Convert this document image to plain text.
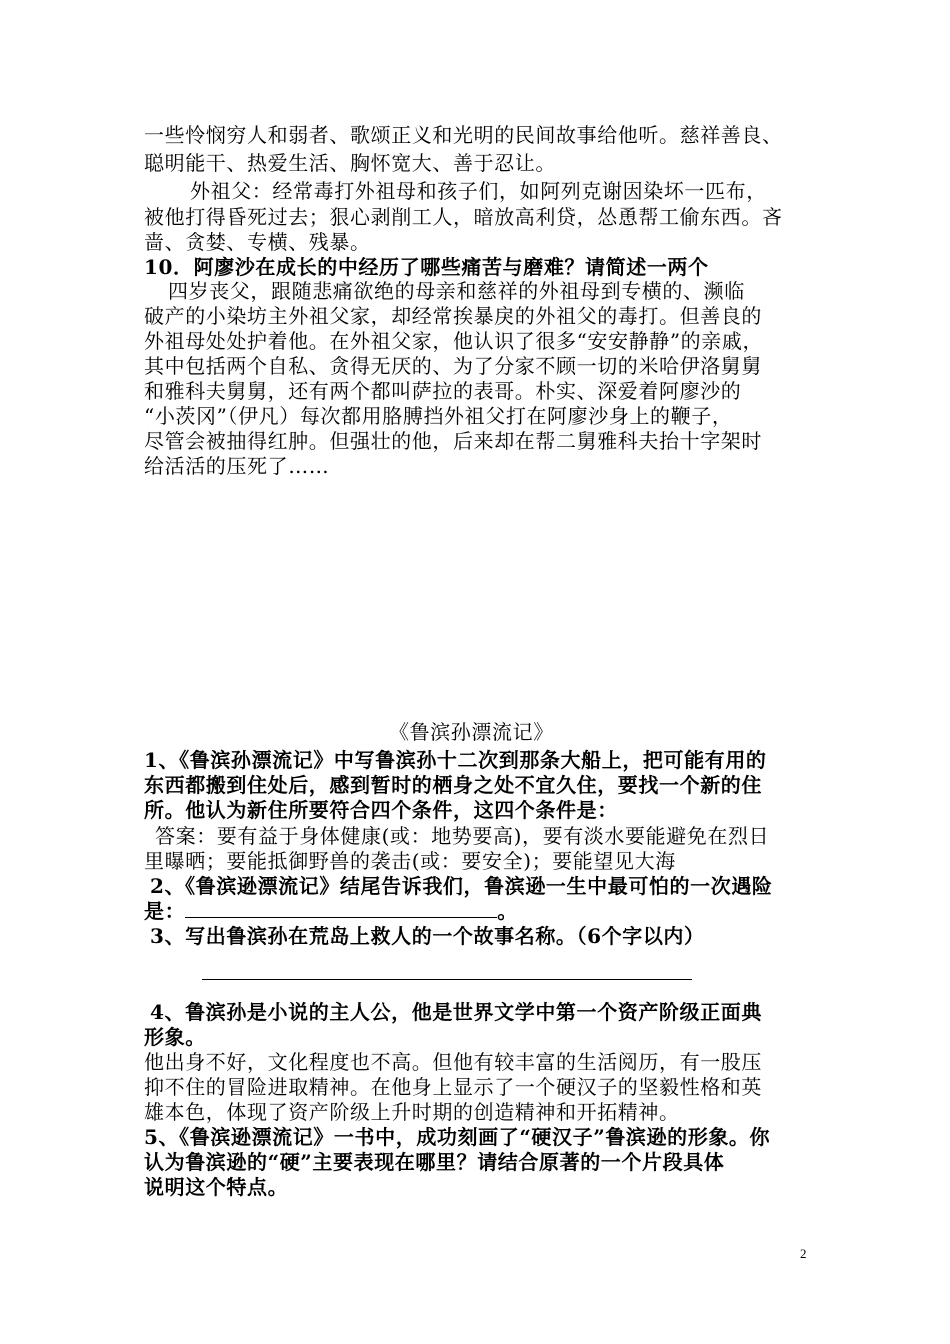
一些怜悯穷人和弱者、歌颂正义和光明的民间故事给他听。慈祥善良、
聪明能干、热爱生活、胸怀宽大、善于忍让。
外祖父：经常毒打外祖母和孩子们，如阿列克谢因染坏一匹布，
被他打得昏死过去；狠心剥削工人，暗放高利贷，怂恿帮工偷东西。吝
啬、贪婪、专横、残暴。
10．阿廖沙在成长的中经历了哪些痛苦与磨难？请简述一两个
四岁丧父，跟随悲痛欲绝的母亲和慈祥的外祖母到专横的、濒临
破产的小染坊主外祖父家，却经常挨暴戾的外祖父的毒打。但善良的
外祖母处处护着他。在外祖父家，他认识了很多“安安静静”的亲戚，
其中包括两个自私、贪得无厌的、为了分家不顾一切的米哈伊洛舅舅
和雅科夫舅舅，还有两个都叫萨拉的表哥。朴实、深爱着阿廖沙的
“小茨冈”（伊凡）每次都用胳膊挡外祖父打在阿廖沙身上的鞭子，
尽管会被抽得红肿。但强壮的他，后来却在帮二舅雅科夫抬十字架时
给活活的压死了……
《鲁滨孙漂流记》
1、《鲁滨孙漂流记》中写鲁滨孙十二次到那条大船上，把可能有用的
东西都搬到住处后，感到暂时的栖身之处不宜久住，要找一个新的住
所。他认为新住所要符合四个条件，这四个条件是：
答案：要有益于身体健康(或：地势要高)，要有淡水要能避免在烈日
里曝晒；要能抵御野兽的袭击(或：要安全)；要能望见大海
2、《鲁滨逊漂流记》结尾告诉我们，鲁滨逊一生中最可怕的一次遇险
是：	。
3、写出鲁滨孙在荒岛上救人的一个故事名称。（6个字以内）
4、鲁滨孙是小说的主人公，他是世界文学中第一个资产阶级正面典
形象。
他出身不好，文化程度也不高。但他有较丰富的生活阅历，有一股压
抑不住的冒险进取精神。在他身上显示了一个硬汉子的坚毅性格和英
雄本色，体现了资产阶级上升时期的创造精神和开拓精神。
5、《鲁滨逊漂流记》一书中，成功刻画了“硬汉子”鲁滨逊的形象。你
认为鲁滨逊的“硬”主要表现在哪里？请结合原著的一个片段具体
说明这个特点。
2
